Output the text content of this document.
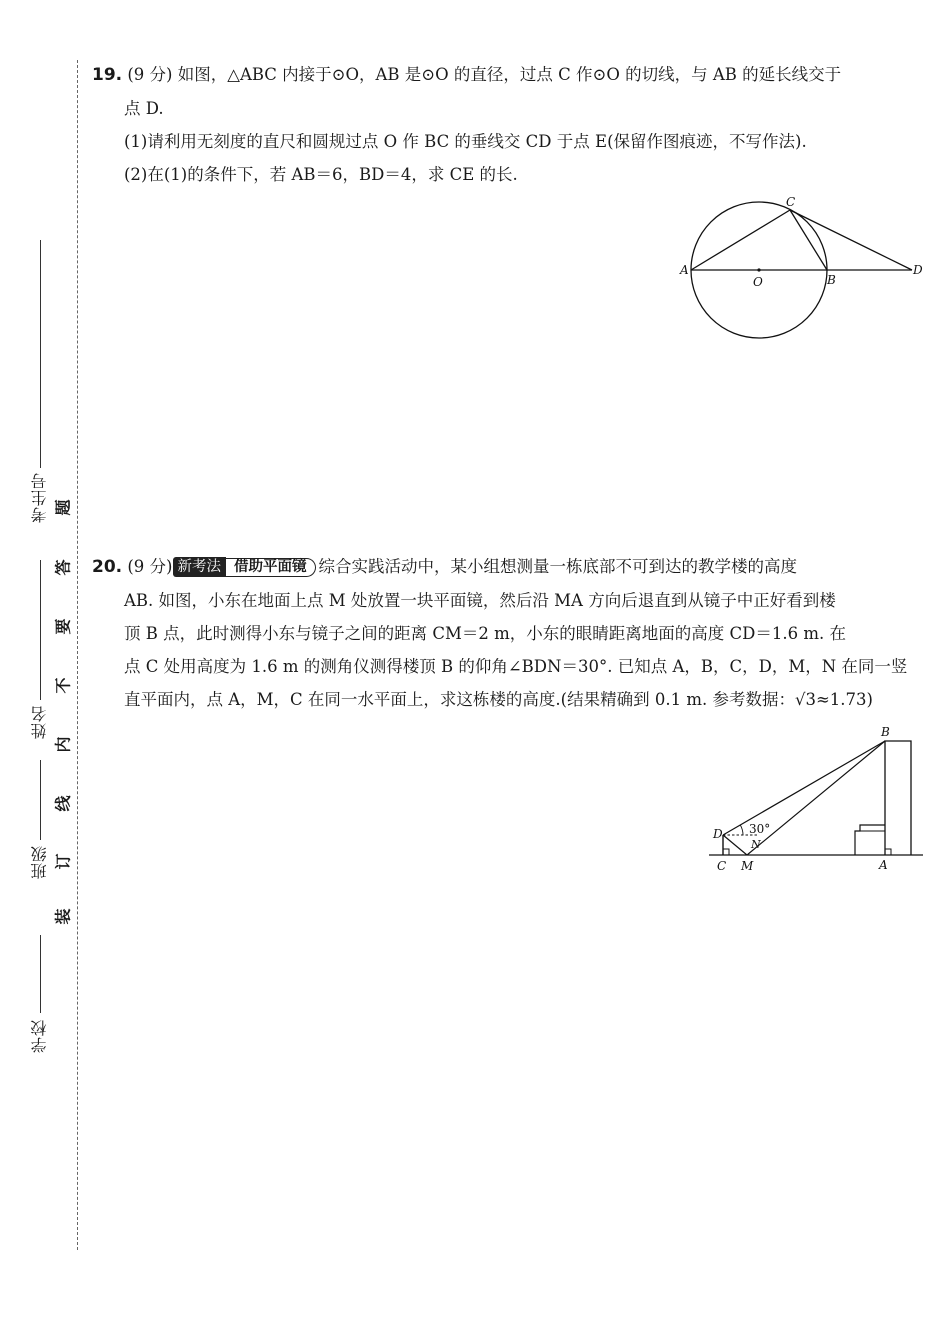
考生号
姓名
班级
学校
装
订
线
内
不
要
答
题

19. (9 分) 如图，△ABC 内接于⊙O，AB 是⊙O 的直径，过点 C 作⊙O 的切线，与 AB 的延长线交于

点 D.

(1)请利用无刻度的直尺和圆规过点 O 作 BC 的垂线交 CD 于点 E(保留作图痕迹，不写作法).

(2)在(1)的条件下，若 AB＝6，BD＝4，求 CE 的长.

A
O	B
C
D

20. (9 分) 新考法 借助平面镜 综合实践活动中，某小组想测量一栋底部不可到达的教学楼的高度

AB. 如图，小东在地面上点 M 处放置一块平面镜，然后沿 MA 方向后退直到从镜子中正好看到楼

顶 B 点，此时测得小东与镜子之间的距离 CM＝2 m，小东的眼睛距离地面的高度 CD＝1.6 m. 在

点 C 处用高度为 1.6 m 的测角仪测得楼顶 B 的仰角∠BDN＝30°. 已知点 A，B，C，D，M，N 在同一竖

直平面内，点 A，M，C 在同一水平面上，求这栋楼的高度.(结果精确到 0.1 m. 参考数据：√3≈1.73)

B
D 30°
N
C M	A
